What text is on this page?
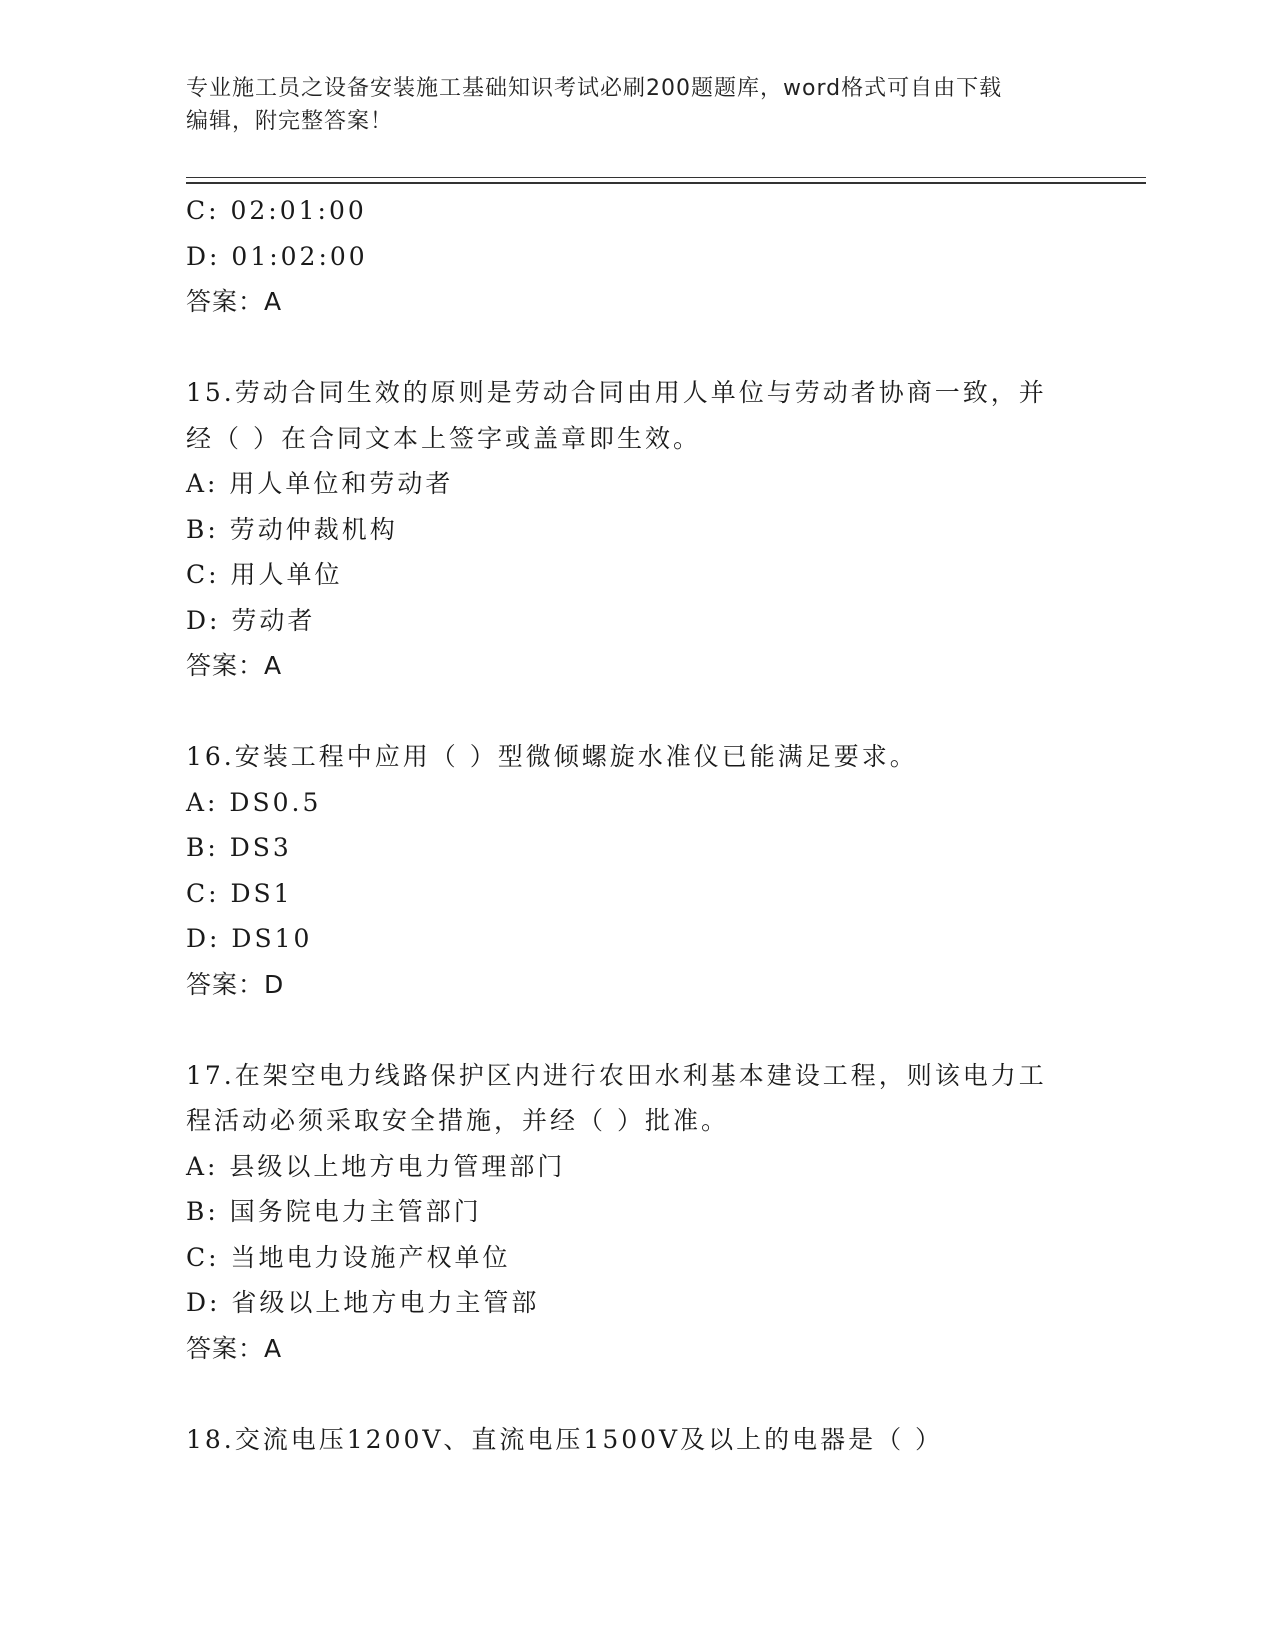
专业施工员之设备安装施工基础知识考试必刷200题题库，word格式可自由下载
编辑，附完整答案！
C: 02:01:00
D: 01:02:00
答案：A
15.劳动合同生效的原则是劳动合同由用人单位与劳动者协商一致，并
经（ ）在合同文本上签字或盖章即生效。
A: 用人单位和劳动者
B: 劳动仲裁机构
C: 用人单位
D: 劳动者
答案：A
16.安装工程中应用（ ）型微倾螺旋水准仪已能满足要求。
A: DS0.5
B: DS3
C: DS1
D: DS10
答案：D
17.在架空电力线路保护区内进行农田水利基本建设工程，则该电力工
程活动必须采取安全措施，并经（ ）批准。
A: 县级以上地方电力管理部门
B: 国务院电力主管部门
C: 当地电力设施产权单位
D: 省级以上地方电力主管部
答案：A
18.交流电压1200V、直流电压1500V及以上的电器是（ ）
